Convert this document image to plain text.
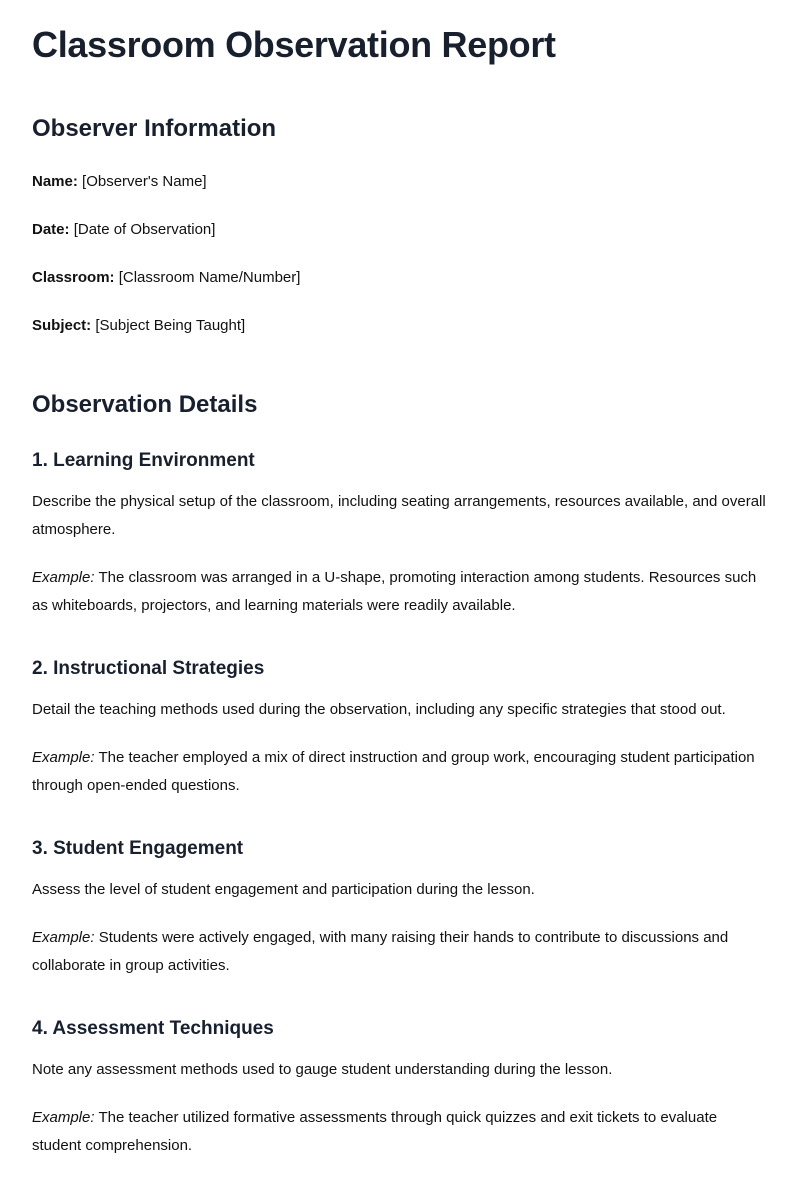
Classroom Observation Report
Observer Information

Name: [Observer's Name]

Date: [Date of Observation]

Classroom: [Classroom Name/Number]

Subject: [Subject Being Taught]

Observation Details
1. Learning Environment

Describe the physical setup of the classroom, including seating arrangements, resources available, and overall atmosphere.

Example: The classroom was arranged in a U-shape, promoting interaction among students. Resources such as whiteboards, projectors, and learning materials were readily available.

2. Instructional Strategies

Detail the teaching methods used during the observation, including any specific strategies that stood out.

Example: The teacher employed a mix of direct instruction and group work, encouraging student participation through open-ended questions.

3. Student Engagement

Assess the level of student engagement and participation during the lesson.

Example: Students were actively engaged, with many raising their hands to contribute to discussions and collaborate in group activities.

4. Assessment Techniques

Note any assessment methods used to gauge student understanding during the lesson.

Example: The teacher utilized formative assessments through quick quizzes and exit tickets to evaluate student comprehension.
